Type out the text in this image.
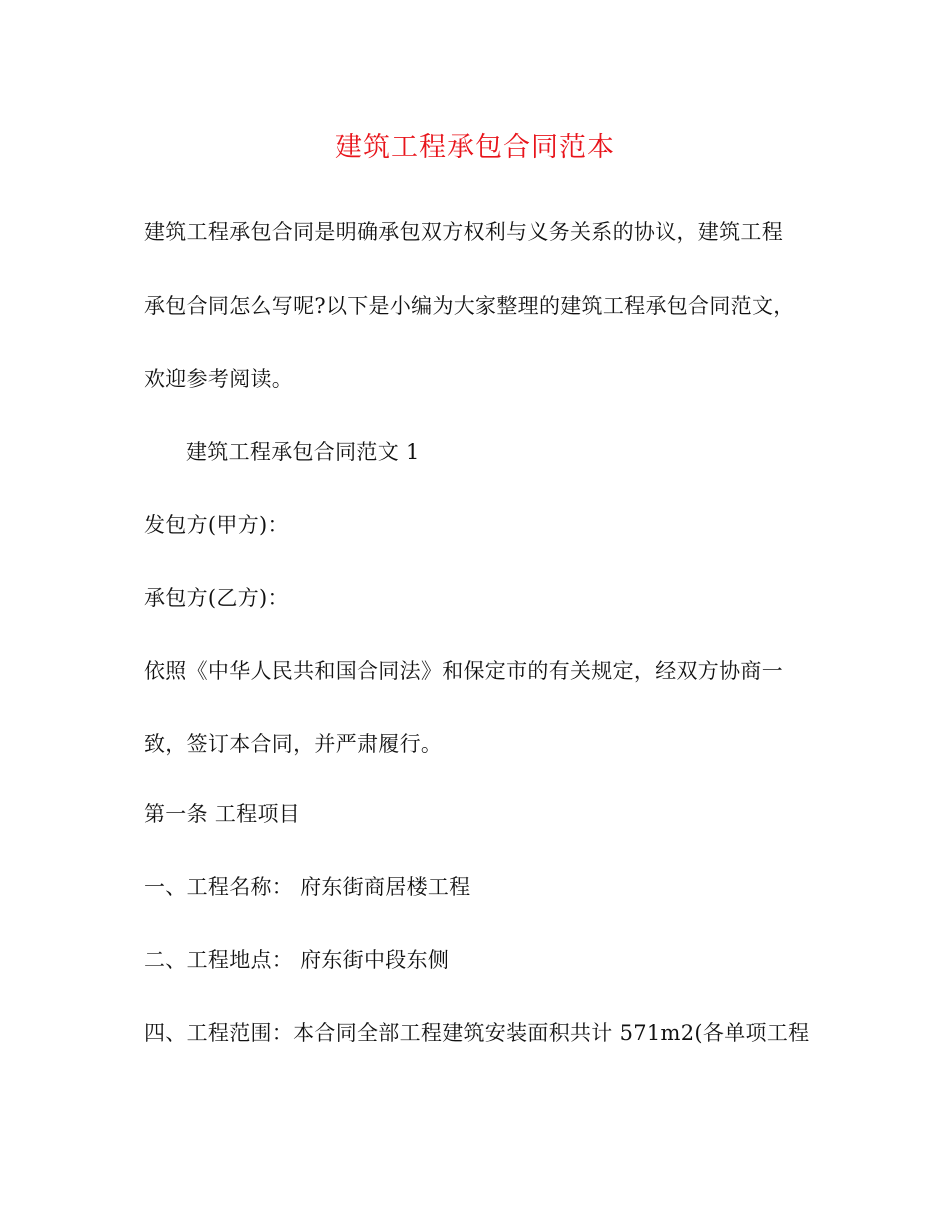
建筑工程承包合同范本
建筑工程承包合同是明确承包双方权利与义务关系的协议，建筑工程
承包合同怎么写呢?以下是小编为大家整理的建筑工程承包合同范文，
欢迎参考阅读。
建筑工程承包合同范文 1
发包方(甲方)：
承包方(乙方)：
依照《中华人民共和国合同法》和保定市的有关规定，经双方协商一
致，签订本合同，并严肃履行。
第一条 工程项目
一、工程名称： 府东街商居楼工程
二、工程地点： 府东街中段东侧
四、工程范围：本合同全部工程建筑安装面积共计 571m2(各单项工程
